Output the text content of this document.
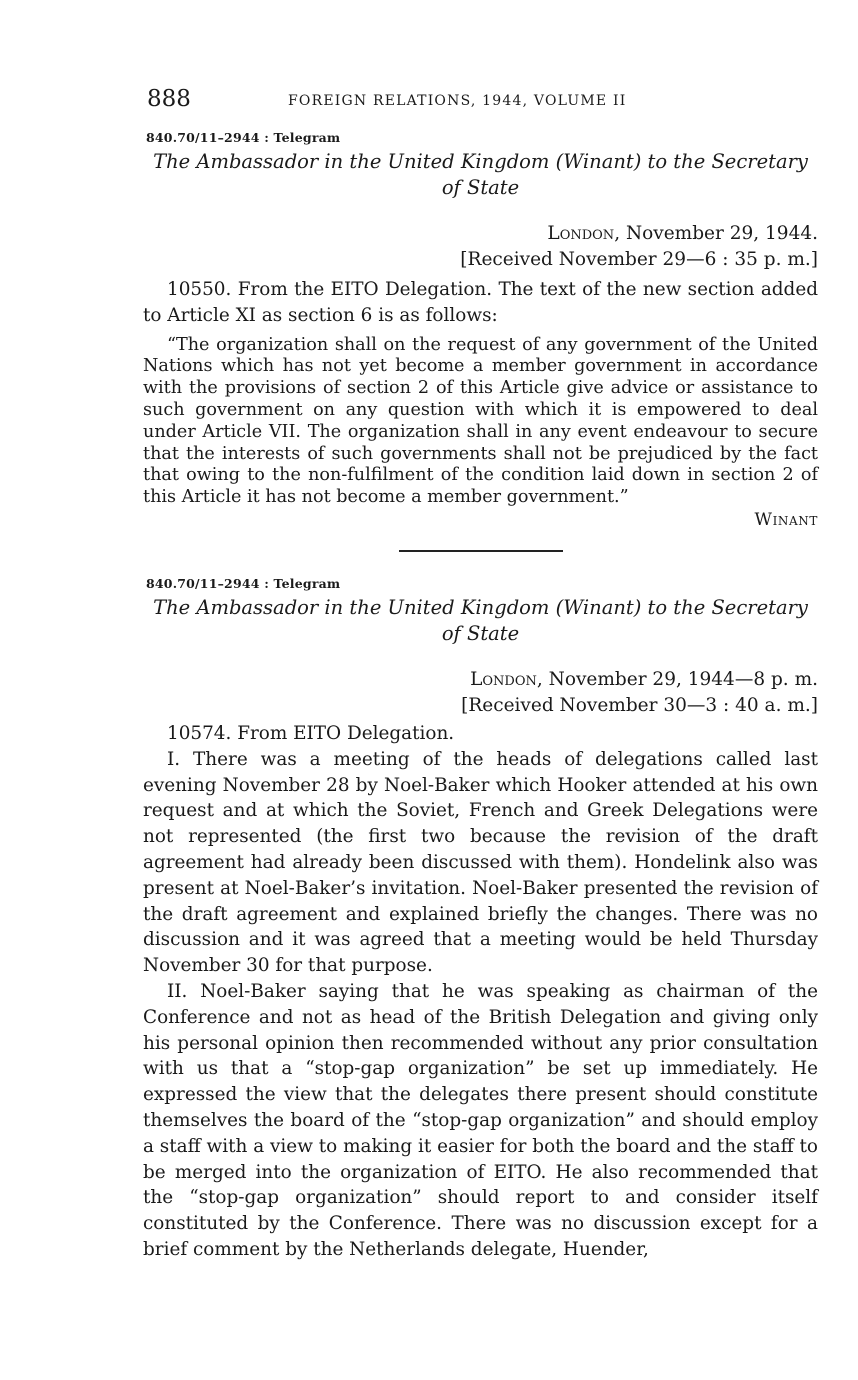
888	FOREIGN RELATIONS, 1944, VOLUME II
840.70/11–2944 : Telegram
The Ambassador in the United Kingdom (Winant) to the Secretary
of State
London, November 29, 1944.
[Received November 29—6 : 35 p. m.]

10550. From the EITO Delegation. The text of the new section added to Article XI as section 6 is as follows:

“The organization shall on the request of any government of the United Nations which has not yet become a member government in accordance with the provisions of section 2 of this Article give advice or assistance to such government on any question with which it is empowered to deal under Article VII. The organization shall in any event endeavour to secure that the interests of such governments shall not be prejudiced by the fact that owing to the non-fulfilment of the condition laid down in section 2 of this Article it has not become a member government.”

Winant
840.70/11–2944 : Telegram
The Ambassador in the United Kingdom (Winant) to the Secretary
of State
London, November 29, 1944—8 p. m.
[Received November 30—3 : 40 a. m.]

10574. From EITO Delegation.

I. There was a meeting of the heads of delegations called last evening November 28 by Noel-Baker which Hooker attended at his own request and at which the Soviet, French and Greek Delegations were not represented (the first two because the revision of the draft agreement had already been discussed with them). Hondelink also was present at Noel-Baker’s invitation. Noel-Baker presented the revision of the draft agreement and explained briefly the changes. There was no discussion and it was agreed that a meeting would be held Thursday November 30 for that purpose.

II. Noel-Baker saying that he was speaking as chairman of the Conference and not as head of the British Delegation and giving only his personal opinion then recommended without any prior consultation with us that a “stop-gap organization” be set up immediately. He expressed the view that the delegates there present should constitute themselves the board of the “stop-gap organization” and should employ a staff with a view to making it easier for both the board and the staff to be merged into the organization of EITO. He also recommended that the “stop-gap organization” should report to and consider itself constituted by the Conference. There was no discussion except for a brief comment by the Netherlands delegate, Huender,
